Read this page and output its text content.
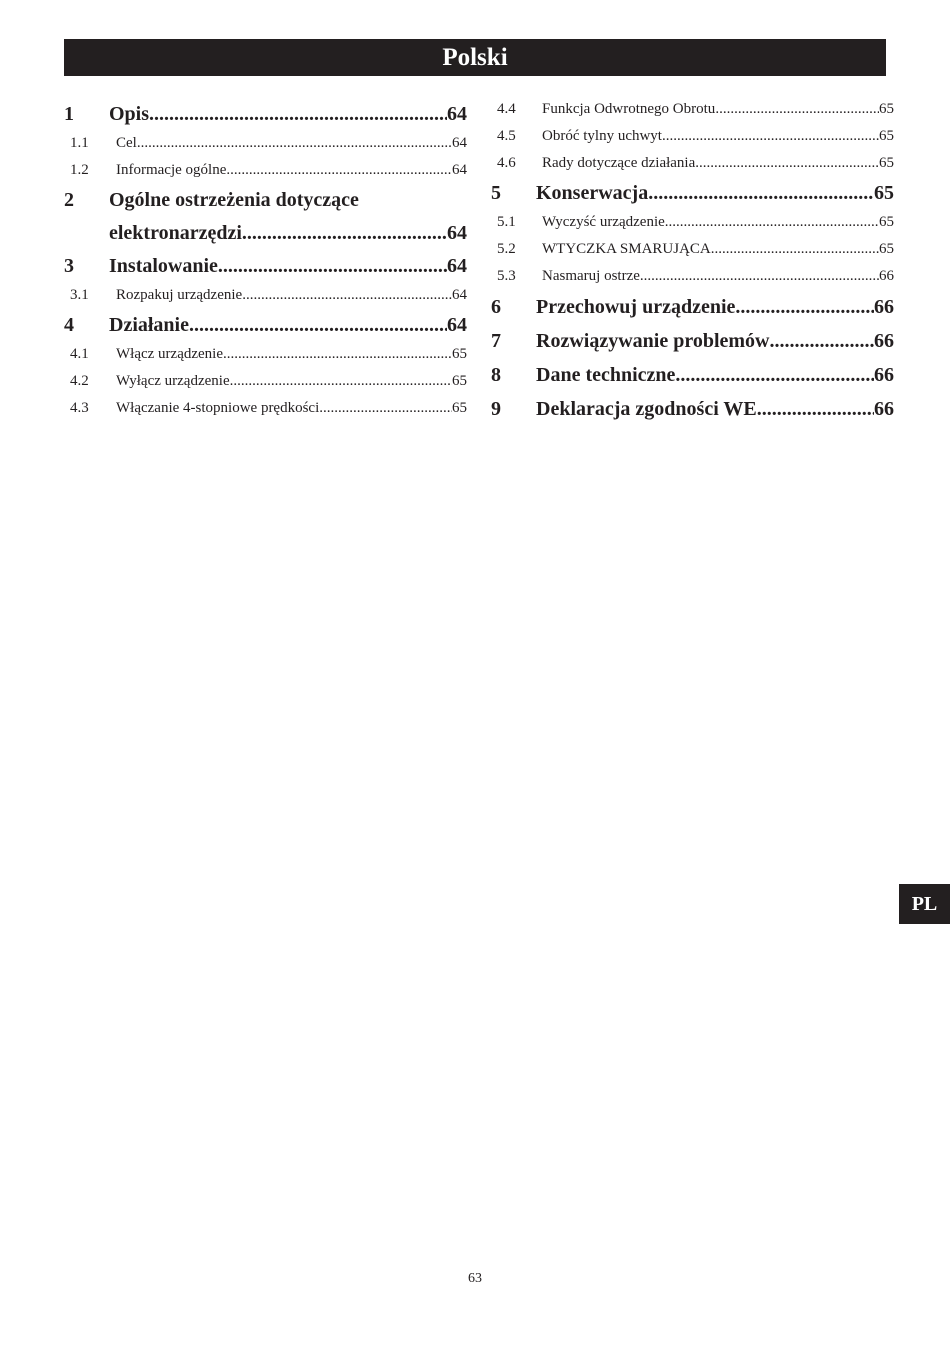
Polski
1	Opis .....	64
1.1	Cel .....	64
1.2	Informacje ogólne .....	64
2	Ogólne ostrzeżenia dotyczące
elektronarzędzi .....	64
3	Instalowanie .....	64
3.1	Rozpakuj urządzenie .....	64
4	Działanie .....	64
4.1	Włącz urządzenie .....	65
4.2	Wyłącz urządzenie .....	65
4.3	Włączanie 4-stopniowe prędkości .....	65
4.4	Funkcja Odwrotnego Obrotu .....	65
4.5	Obróć tylny uchwyt .....	65
4.6	Rady dotyczące działania .....	65
5	Konserwacja .....	65
5.1	Wyczyść urządzenie .....	65
5.2	WTYCZKA SMARUJĄCA .....	65
5.3	Nasmaruj ostrze .....	66
6	Przechowuj urządzenie .....	66
7	Rozwiązywanie problemów .....	66
8	Dane techniczne .....	66
9	Deklaracja zgodności WE .....	66
PL
63
